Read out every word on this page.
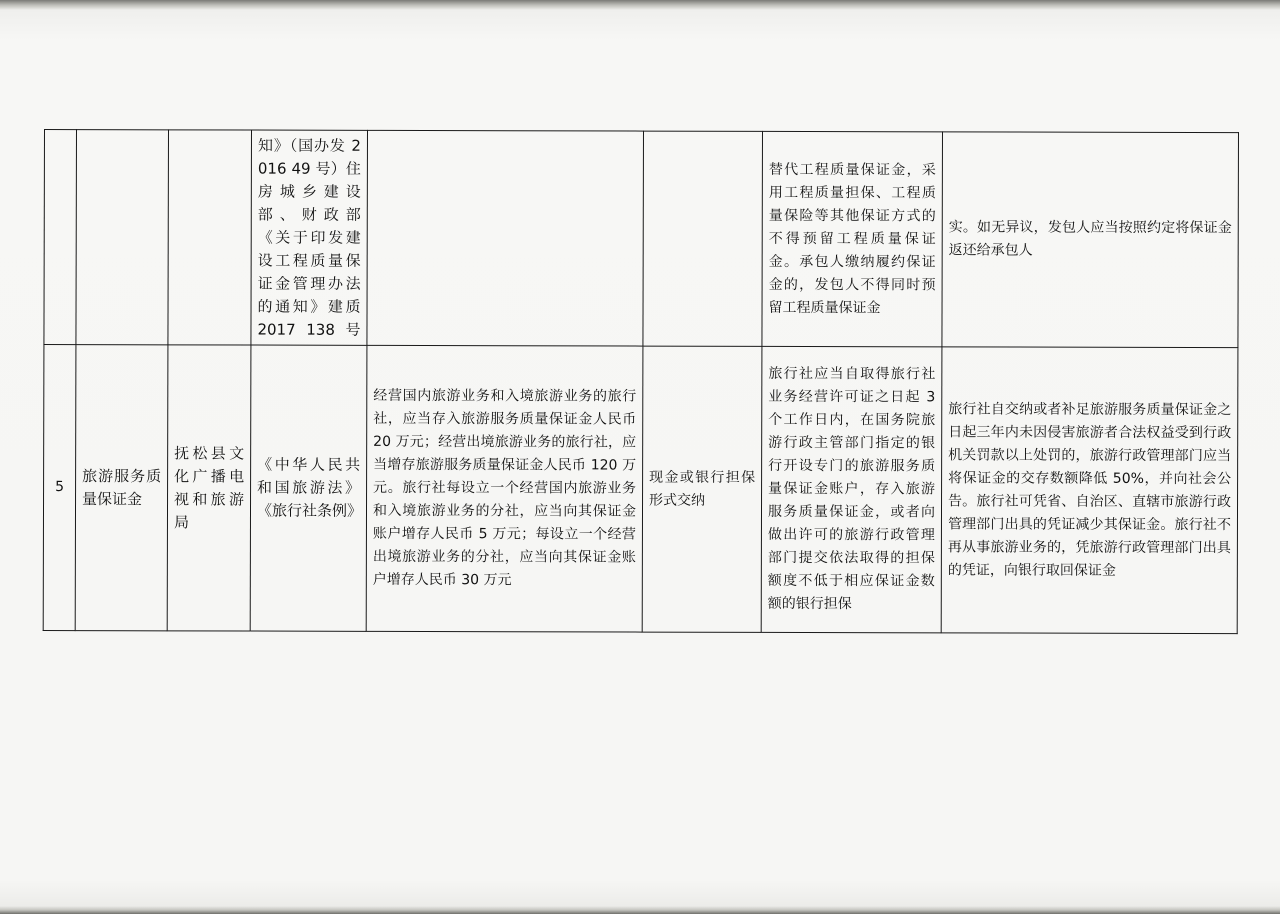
			知》（国办发 2016 49 号）住房城乡建设部、财政部《关于印发建设工程质量保证金管理办法的通知》建质 2017 138 号			替代工程质量保证金，采用工程质量担保、工程质量保险等其他保证方式的不得预留工程质量保证金。承包人缴纳履约保证金的，发包人不得同时预留工程质量保证金	实。如无异议，发包人应当按照约定将保证金返还给承包人
5	旅游服务质量保证金	抚松县文化广播电视和旅游局	《中华人民共和国旅游法》《旅行社条例》	经营国内旅游业务和入境旅游业务的旅行社，应当存入旅游服务质量保证金人民币 20 万元；经营出境旅游业务的旅行社，应当增存旅游服务质量保证金人民币 120 万元。旅行社每设立一个经营国内旅游业务和入境旅游业务的分社，应当向其保证金账户增存人民币 5 万元；每设立一个经营出境旅游业务的分社，应当向其保证金账户增存人民币 30 万元	现金或银行担保形式交纳	旅行社应当自取得旅行社业务经营许可证之日起 3 个工作日内，在国务院旅游行政主管部门指定的银行开设专门的旅游服务质量保证金账户，存入旅游服务质量保证金，或者向做出许可的旅游行政管理部门提交依法取得的担保额度不低于相应保证金数额的银行担保	旅行社自交纳或者补足旅游服务质量保证金之日起三年内未因侵害旅游者合法权益受到行政机关罚款以上处罚的，旅游行政管理部门应当将保证金的交存数额降低 50%，并向社会公告。旅行社可凭省、自治区、直辖市旅游行政管理部门出具的凭证减少其保证金。旅行社不再从事旅游业务的，凭旅游行政管理部门出具的凭证，向银行取回保证金
